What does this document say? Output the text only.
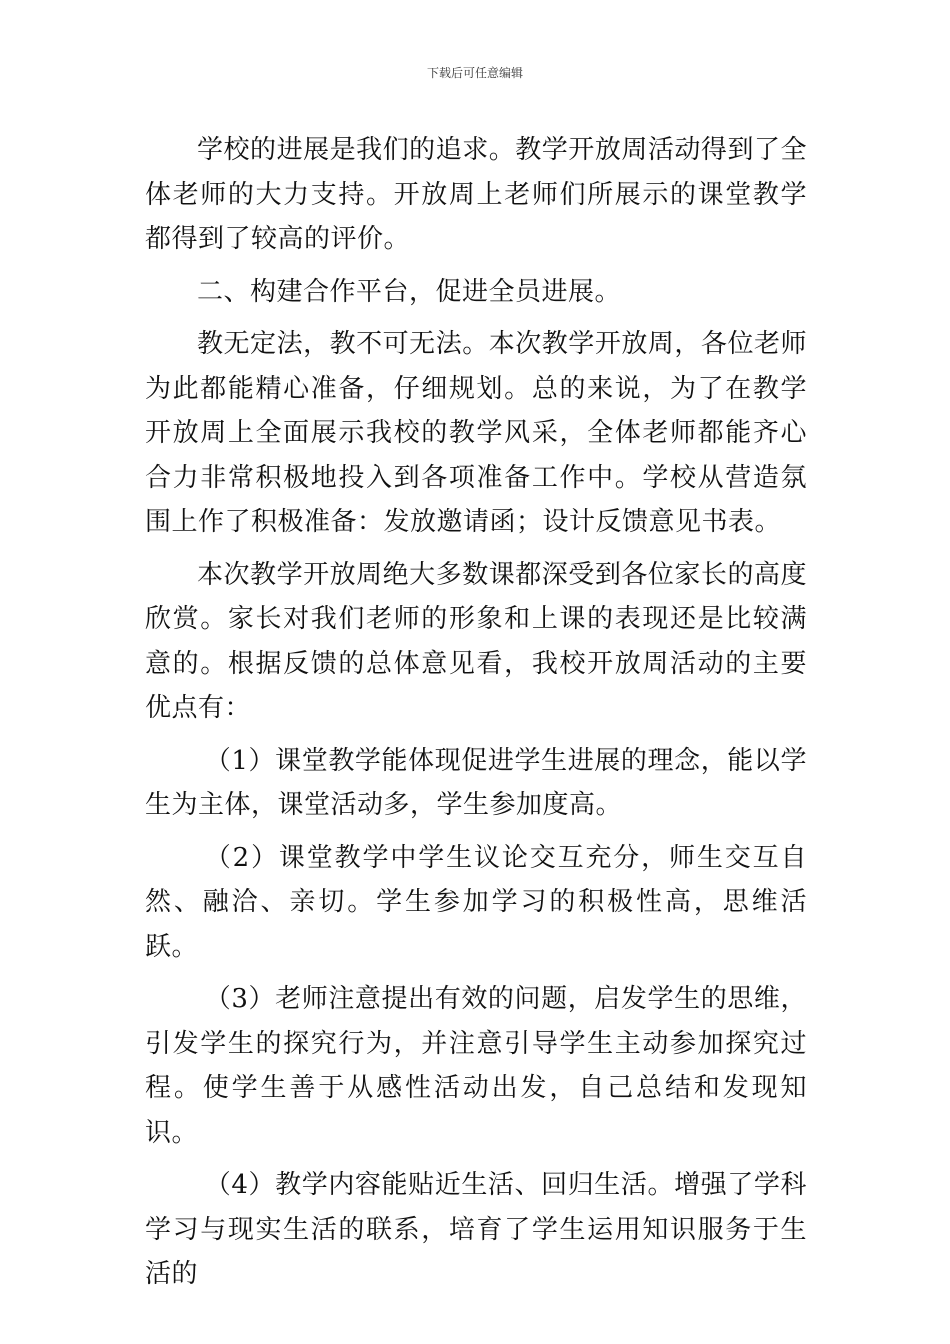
下载后可任意编辑

学校的进展是我们的追求。教学开放周活动得到了全体老师的大力支持。开放周上老师们所展示的课堂教学都得到了较高的评价。

二、构建合作平台，促进全员进展。

教无定法，教不可无法。本次教学开放周，各位老师为此都能精心准备，仔细规划。总的来说，为了在教学开放周上全面展示我校的教学风采，全体老师都能齐心合力非常积极地投入到各项准备工作中。学校从营造氛围上作了积极准备：发放邀请函；设计反馈意见书表。

本次教学开放周绝大多数课都深受到各位家长的高度欣赏。家长对我们老师的形象和上课的表现还是比较满意的。根据反馈的总体意见看，我校开放周活动的主要优点有：

（1）课堂教学能体现促进学生进展的理念，能以学生为主体，课堂活动多，学生参加度高。

（2）课堂教学中学生议论交互充分，师生交互自然、融洽、亲切。学生参加学习的积极性高，思维活跃。

（3）老师注意提出有效的问题，启发学生的思维，引发学生的探究行为，并注意引导学生主动参加探究过程。使学生善于从感性活动出发，自己总结和发现知识。

（4）教学内容能贴近生活、回归生活。增强了学科学习与现实生活的联系，培育了学生运用知识服务于生活的
